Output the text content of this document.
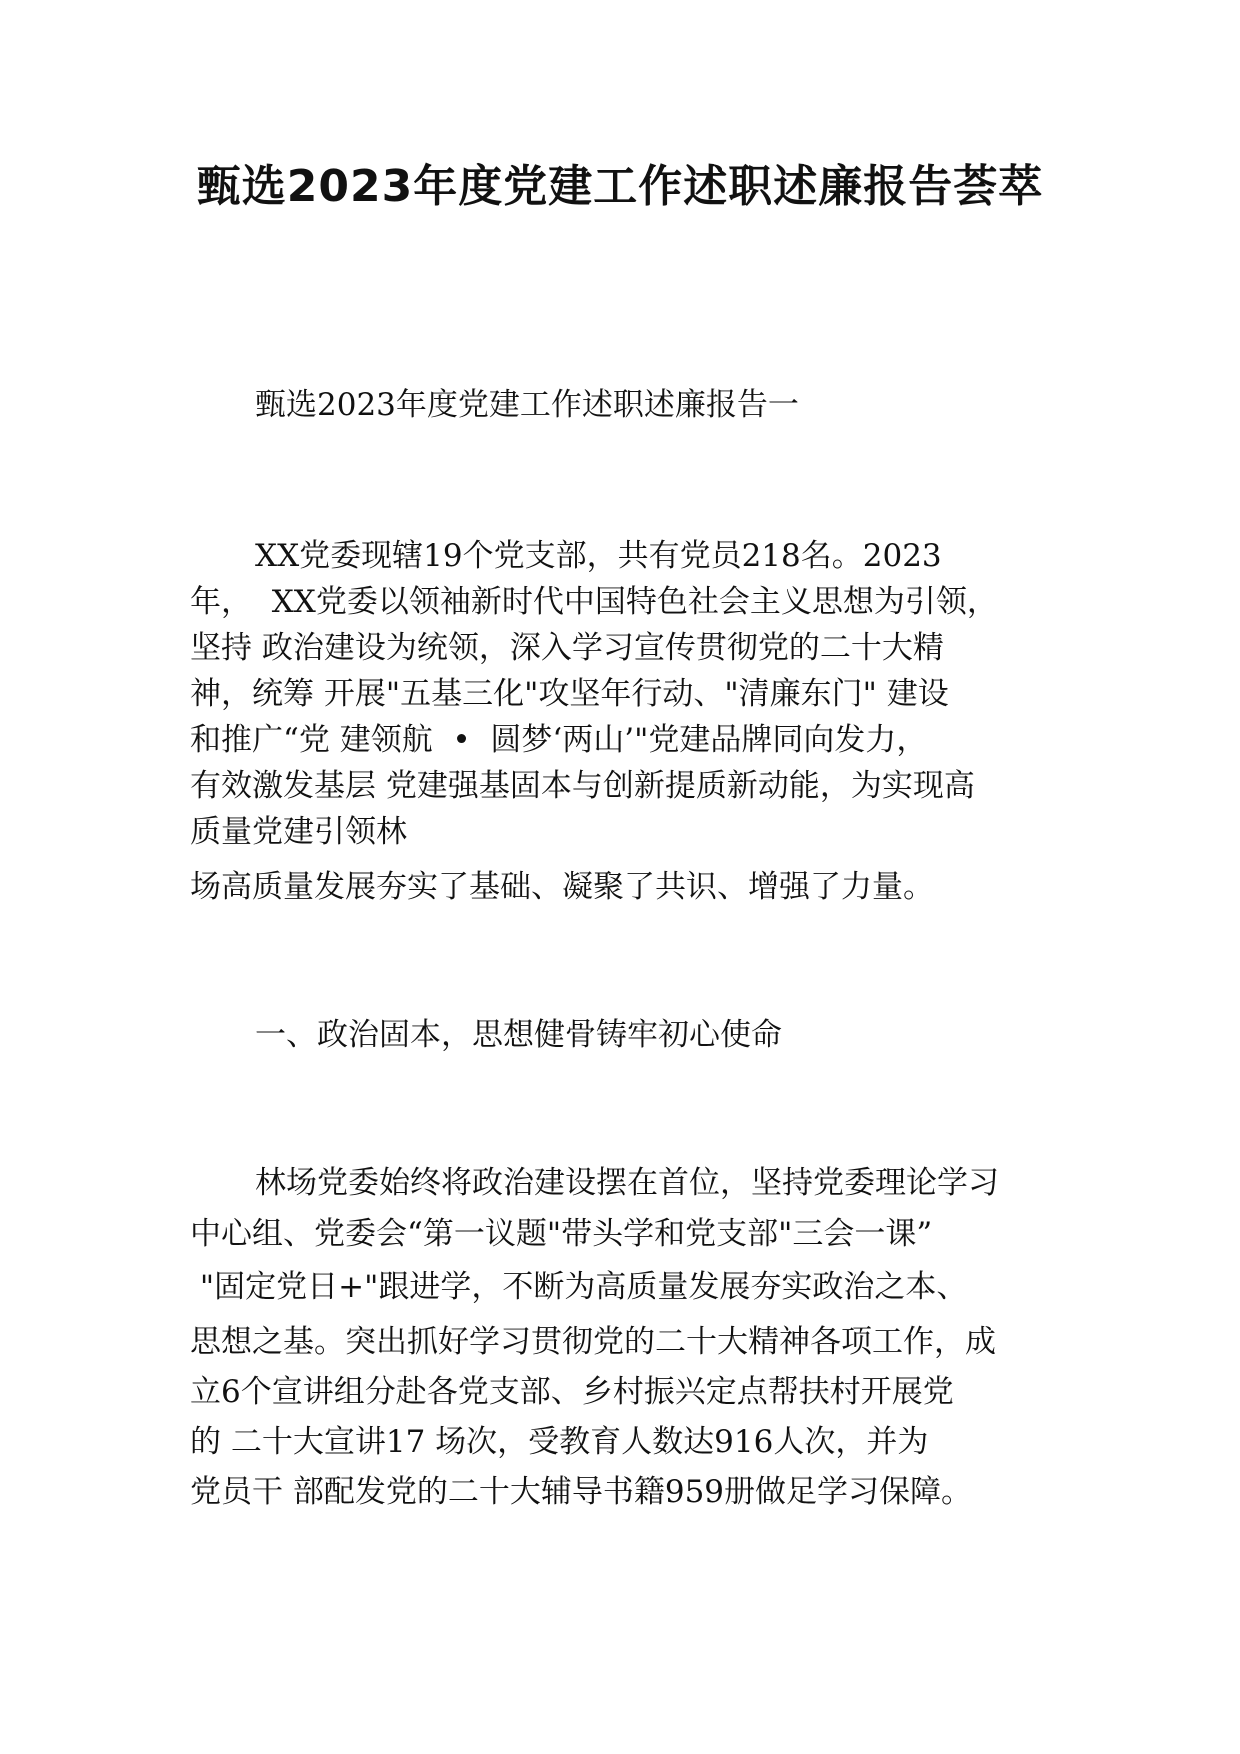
甄选2023年度党建工作述职述廉报告荟萃

甄选2023年度党建工作述职述廉报告一

XX党委现辖19个党支部，共有党员218名。2023

年，  XX党委以领袖新时代中国特色社会主义思想为引领，

坚持 政治建设为统领，深入学习宣传贯彻党的二十大精

神，统筹 开展"五基三化"攻坚年行动、"清廉东门" 建设

和推广“党 建领航  •  圆梦‘两山’"党建品牌同向发力，

有效激发基层 党建强基固本与创新提质新动能，为实现高

质量党建引领林

场高质量发展夯实了基础、凝聚了共识、增强了力量。

一、政治固本，思想健骨铸牢初心使命

林场党委始终将政治建设摆在首位，坚持党委理论学习

中心组、党委会“第一议题"带头学和党支部"三会一课”

"固定党日+"跟进学，不断为高质量发展夯实政治之本、

思想之基。突出抓好学习贯彻党的二十大精神各项工作，成

立6个宣讲组分赴各党支部、乡村振兴定点帮扶村开展党

的 二十大宣讲17 场次，受教育人数达916人次，并为

党员干 部配发党的二十大辅导书籍959册做足学习保障。
